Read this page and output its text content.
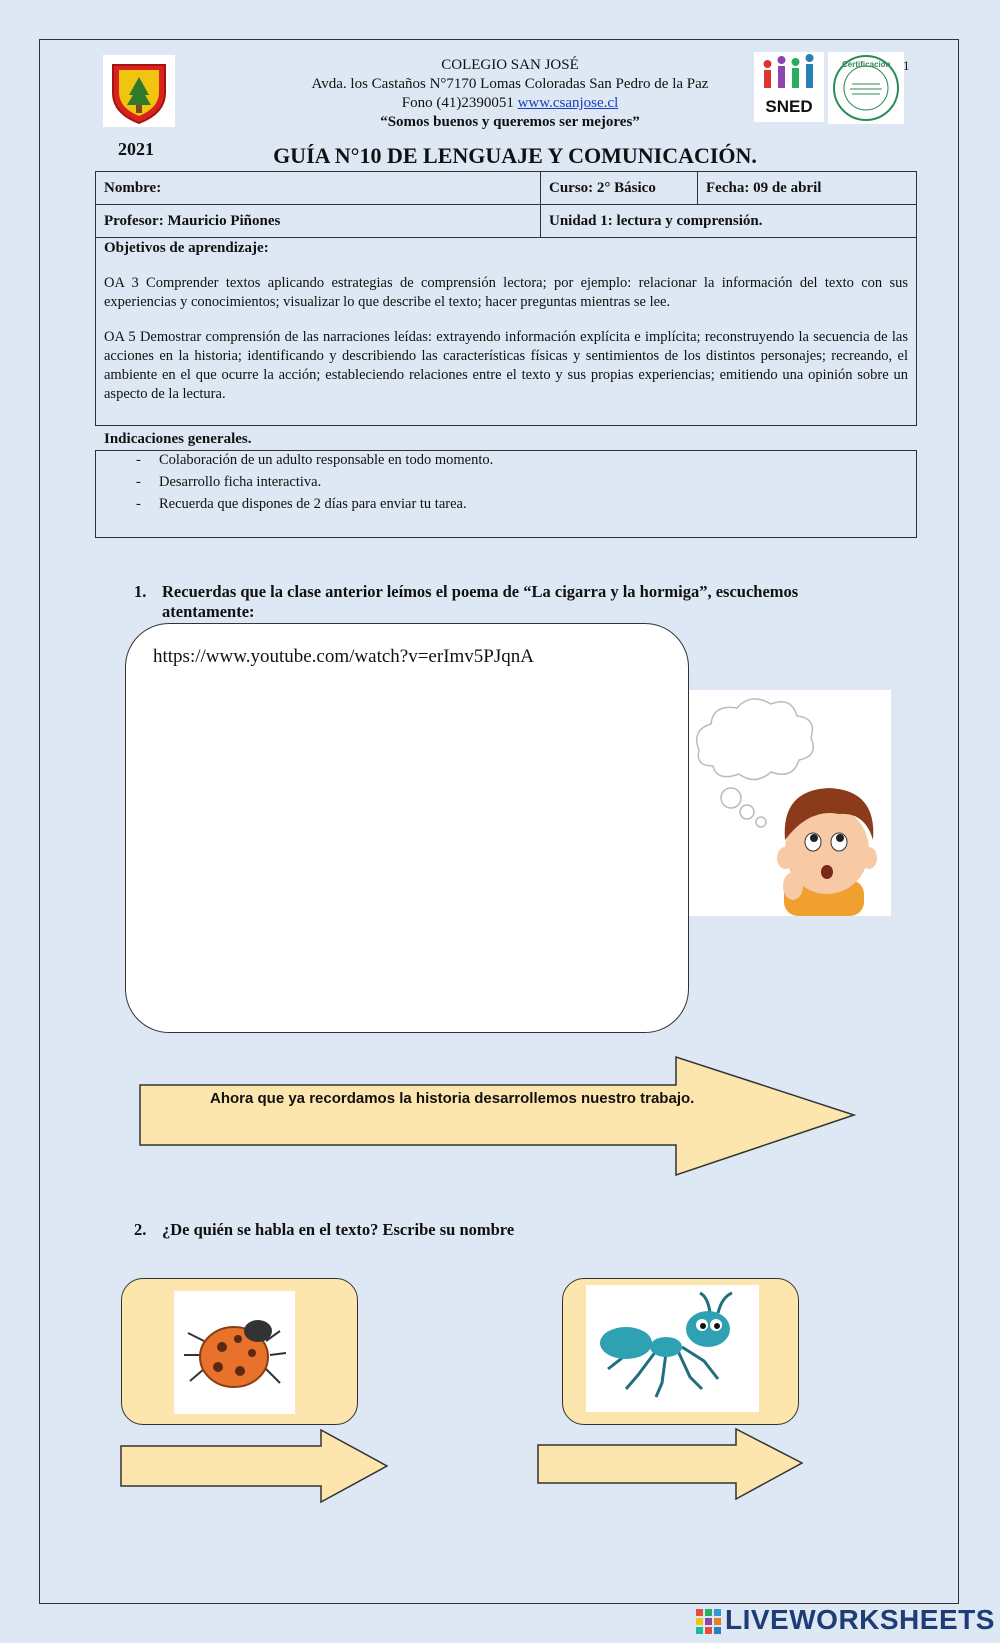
COLEGIO SAN JOSÉ
Avda. los Castaños N°7170 Lomas Coloradas San Pedro de la Paz
Fono (41)2390051 www.csanjose.cl
“Somos buenos y queremos ser mejores”
SNED
Certificación 1
2021	GUÍA N°10 DE LENGUAJE Y COMUNICACIÓN.
Nombre:	Curso: 2° Básico	Fecha: 09 de abril
Profesor: Mauricio Piñones	Unidad 1: lectura y comprensión.	
Objetivos de aprendizaje:

OA 3 Comprender textos aplicando estrategias de comprensión lectora; por ejemplo: relacionar la información del texto con sus experiencias y conocimientos; visualizar lo que describe el texto; hacer preguntas mientras se lee.

OA 5 Demostrar comprensión de las narraciones leídas: extrayendo información explícita e implícita; reconstruyendo la secuencia de las acciones en la historia; identificando y describiendo las características físicas y sentimientos de los distintos personajes; recreando, el ambiente en el que ocurre la acción; estableciendo relaciones entre el texto y sus propias experiencias; emitiendo una opinión sobre un aspecto de la lectura.

Indicaciones generales.
- Colaboración de un adulto responsable en todo momento.
- Desarrollo ficha interactiva.
- Recuerda que dispones de 2 días para enviar tu tarea.
1. Recuerdas que la clase anterior leímos el poema de “La cigarra y la hormiga”, escuchemos
atentamente:
https://www.youtube.com/watch?v=erImv5PJqnA
Ahora que ya recordamos la historia desarrollemos nuestro trabajo.
2. ¿De quién se habla en el texto? Escribe su nombre
LIVEWORKSHEETS
